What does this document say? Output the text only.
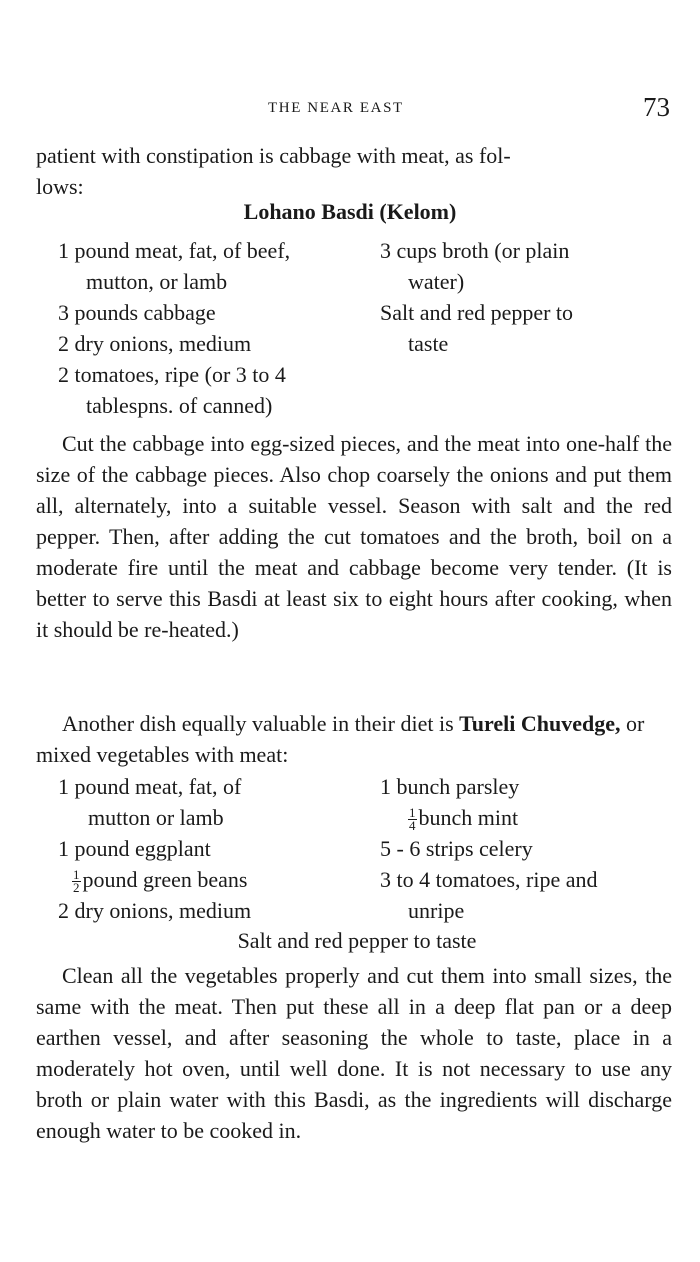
THE NEAR EAST	73
patient with constipation is cabbage with meat, as fol-
lows:
Lohano Basdi (Kelom)
1 pound meat, fat, of beef,
mutton, or lamb
3 pounds cabbage
2 dry onions, medium
2 tomatoes, ripe (or 3 to 4
tablespns. of canned)
3 cups broth (or plain
water)
Salt and red pepper to
taste
Cut the cabbage into egg-sized pieces, and the meat into one-half the size of the cabbage pieces. Also chop coarsely the onions and put them all, alternately, into a suitable vessel. Season with salt and the red pepper. Then, after adding the cut tomatoes and the broth, boil on a moderate fire until the meat and cabbage become very tender. (It is better to serve this Basdi at least six to eight hours after cooking, when it should be re-heated.)
Another dish equally valuable in their diet is Tureli Chuvedge, or mixed vegetables with meat:
1 pound meat, fat, of
mutton or lamb
1 pound eggplant
$\frac{1}{2}$ pound green beans
2 dry onions, medium
1 bunch parsley
$\frac{1}{4}$ bunch mint
5 - 6 strips celery
3 to 4 tomatoes, ripe and
unripe
Salt and red pepper to taste
Clean all the vegetables properly and cut them into small sizes, the same with the meat. Then put these all in a deep flat pan or a deep earthen vessel, and after seasoning the whole to taste, place in a moderately hot oven, until well done. It is not necessary to use any broth or plain water with this Basdi, as the ingredients will discharge enough water to be cooked in.
